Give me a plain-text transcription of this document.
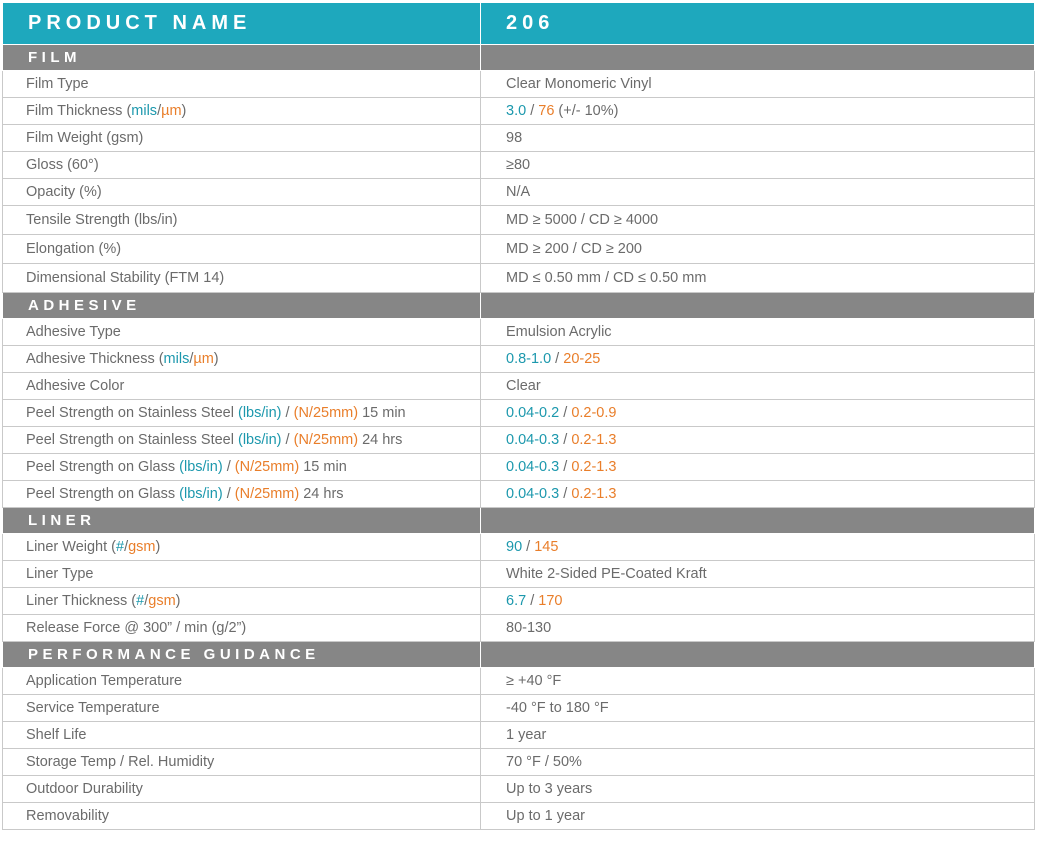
PRODUCT NAME	206
FILM	
Film Type	Clear Monomeric Vinyl
Film Thickness (mils/µm)	3.0 / 76 (+/- 10%)
Film Weight (gsm)	98
Gloss (60°)	≥80
Opacity (%)	N/A
Tensile Strength (lbs/in)	MD ≥ 5000 / CD ≥ 4000
Elongation (%)	MD ≥ 200 / CD ≥ 200
Dimensional Stability (FTM 14)	MD ≤ 0.50 mm / CD ≤ 0.50 mm
ADHESIVE	
Adhesive Type	Emulsion Acrylic
Adhesive Thickness (mils/µm)	0.8-1.0 / 20-25
Adhesive Color	Clear
Peel Strength on Stainless Steel (lbs/in) / (N/25mm) 15 min	0.04-0.2 / 0.2-0.9
Peel Strength on Stainless Steel (lbs/in) / (N/25mm) 24 hrs	0.04-0.3 / 0.2-1.3
Peel Strength on Glass (lbs/in) / (N/25mm) 15 min	0.04-0.3 / 0.2-1.3
Peel Strength on Glass (lbs/in) / (N/25mm) 24 hrs	0.04-0.3 / 0.2-1.3
LINER	
Liner Weight (#/gsm)	90 / 145
Liner Type	White 2-Sided PE-Coated Kraft
Liner Thickness (#/gsm)	6.7 / 170
Release Force @ 300” / min (g/2”)	80-130
PERFORMANCE GUIDANCE	
Application Temperature	≥ +40 °F
Service Temperature	-40 °F to 180 °F
Shelf Life	1 year
Storage Temp / Rel. Humidity	70 °F / 50%
Outdoor Durability	Up to 3 years
Removability	Up to 1 year
